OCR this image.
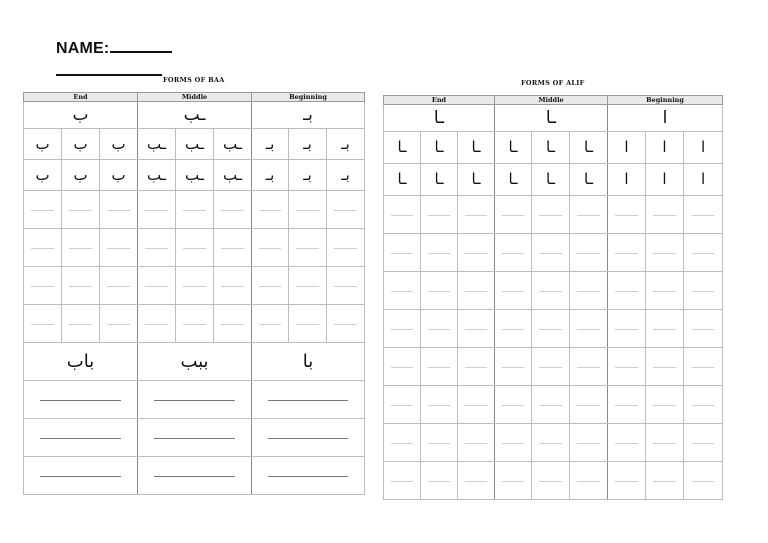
NAME:
FORMS OF BAA	FORMS OF ALIF
End			Middle			Beginning		
ب			ـب			بـ		
ب	ب	ب	ـب	ـب	ـب	بـ	بـ	بـ
ب	ب	ب	ـب	ـب	ـب	بـ	بـ	بـ

باب			ببب			با		

End			Middle			Beginning		
ـا			ـا			ا		
ـا	ـا	ـا	ـا	ـا	ـا	ا	ا	ا
ـا	ـا	ـا	ـا	ـا	ـا	ا	ا	ا
